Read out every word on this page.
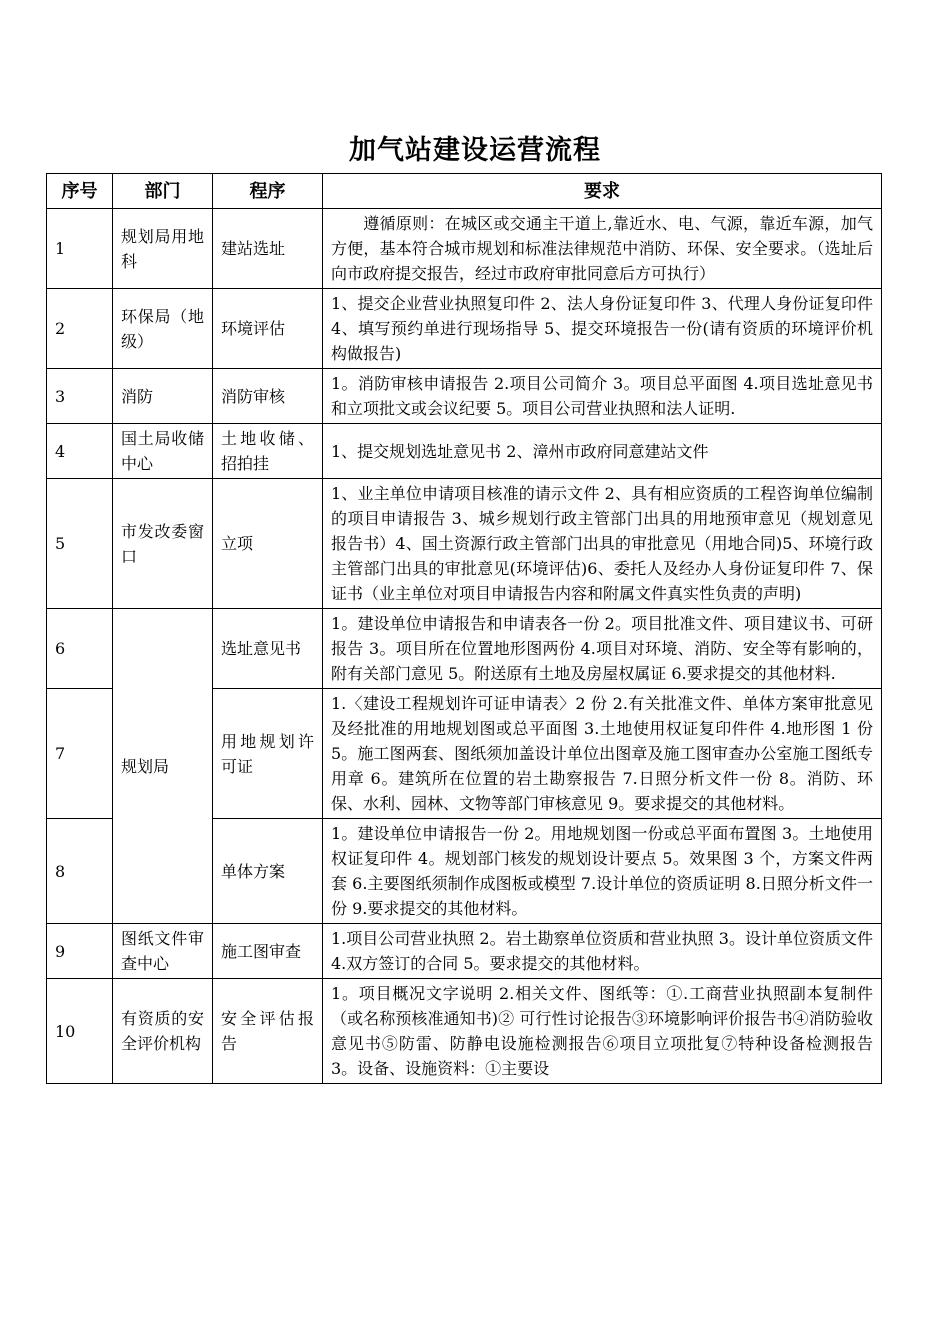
加气站建设运营流程
序号	部门	程序	要求
1	规划局用地科	建站选址	遵循原则：在城区或交通主干道上,靠近水、电、气源，靠近车源，加气方便，基本符合城市规划和标准法律规范中消防、环保、安全要求。（选址后向市政府提交报告，经过市政府审批同意后方可执行）
2	环保局（地级）	环境评估	1、提交企业营业执照复印件 2、法人身份证复印件 3、代理人身份证复印件 4、填写预约单进行现场指导 5、提交环境报告一份(请有资质的环境评价机构做报告)
3	消防	消防审核	1。消防审核申请报告 2.项目公司简介 3。项目总平面图 4.项目选址意见书和立项批文或会议纪要 5。项目公司营业执照和法人证明.
4	国土局收储中心	土地收储、招拍挂	1、提交规划选址意见书 2、漳州市政府同意建站文件
5	市发改委窗口	立项	1、业主单位申请项目核准的请示文件 2、具有相应资质的工程咨询单位编制的项目申请报告 3、城乡规划行政主管部门出具的用地预审意见（规划意见报告书）4、国土资源行政主管部门出具的审批意见（用地合同)5、环境行政主管部门出具的审批意见(环境评估)6、委托人及经办人身份证复印件 7、保证书（业主单位对项目申请报告内容和附属文件真实性负责的声明)
6	规划局	选址意见书	1。建设单位申请报告和申请表各一份 2。项目批准文件、项目建议书、可研报告 3。项目所在位置地形图两份 4.项目对环境、消防、安全等有影响的，附有关部门意见 5。附送原有土地及房屋权属证 6.要求提交的其他材料.
7		用地规划许可证	1.〈建设工程规划许可证申请表〉2 份 2.有关批准文件、单体方案审批意见及经批准的用地规划图或总平面图 3.土地使用权证复印件件 4.地形图 1 份 5。施工图两套、图纸须加盖设计单位出图章及施工图审查办公室施工图纸专用章 6。建筑所在位置的岩土勘察报告 7.日照分析文件一份 8。消防、环保、水利、园林、文物等部门审核意见 9。要求提交的其他材料。
8		单体方案	1。建设单位申请报告一份 2。用地规划图一份或总平面布置图 3。土地使用权证复印件 4。规划部门核发的规划设计要点 5。效果图 3 个，方案文件两套 6.主要图纸须制作成图板或模型 7.设计单位的资质证明 8.日照分析文件一份 9.要求提交的其他材料。
9	图纸文件审查中心	施工图审查	1.项目公司营业执照 2。岩土勘察单位资质和营业执照 3。设计单位资质文件 4.双方签订的合同 5。要求提交的其他材料。
10	有资质的安全评价机构	安全评估报告	1。项目概况文字说明 2.相关文件、图纸等：①.工商营业执照副本复制件（或名称预核准通知书)② 可行性讨论报告③环境影响评价报告书④消防验收意见书⑤防雷、防静电设施检测报告⑥项目立项批复⑦特种设备检测报告 3。设备、设施资料：①主要设
